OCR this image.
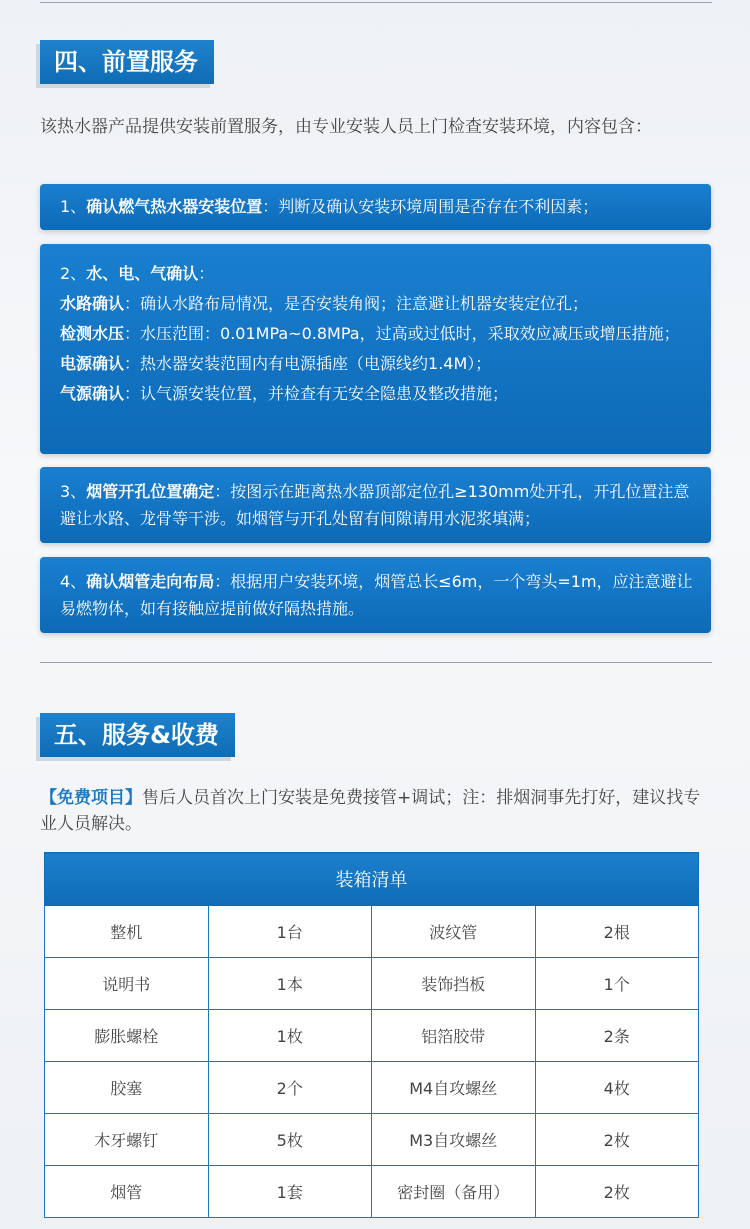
四、前置服务
该热水器产品提供安装前置服务，由专业安装人员上门检查安装环境，内容包含：

1、确认燃气热水器安装位置：判断及确认安装环境周围是否存在不利因素；

2、水、电、气确认：

水路确认：确认水路布局情况，是否安装角阀；注意避让机器安装定位孔；

检测水压：水压范围：0.01MPa~0.8MPa，过高或过低时，采取效应减压或增压措施；

电源确认：热水器安装范围内有电源插座（电源线约1.4M）；

气源确认：认气源安装位置，并检查有无安全隐患及整改措施；

3、烟管开孔位置确定：按图示在距离热水器顶部定位孔≥130mm处开孔，开孔位置注意避让水路、龙骨等干涉。如烟管与开孔处留有间隙请用水泥浆填满；

4、确认烟管走向布局：根据用户安装环境，烟管总长≤6m，一个弯头=1m，应注意避让易燃物体，如有接触应提前做好隔热措施。

五、服务&收费
【免费项目】售后人员首次上门安装是免费接管+调试；注：排烟洞事先打好，建议找专业人员解决。
装箱清单			
整机	1台	波纹管	2根
说明书	1本	装饰挡板	1个
膨胀螺栓	1枚	铝箔胶带	2条
胶塞	2个	M4自攻螺丝	4枚
木牙螺钉	5枚	M3自攻螺丝	2枚
烟管	1套	密封圈（备用）	2枚
